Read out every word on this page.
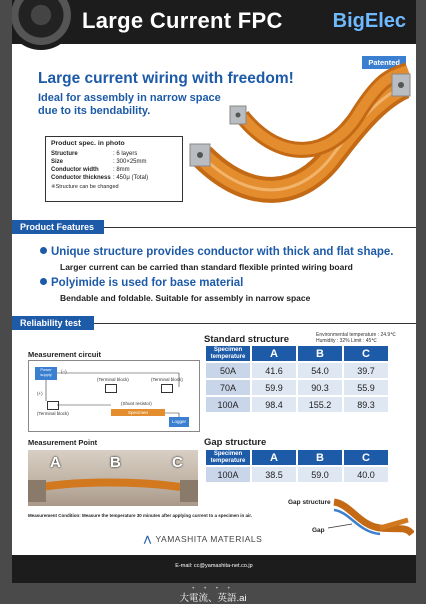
Large Current FPC BigElec
Patented
Large current wiring with freedom!
Ideal for assembly in narrow space
due to its bendability.
Product spec. in photo
Structure	: 6 layers
Size	: 300×25mm
Conductor width	: 8mm
Conductor thickness : 450μ (Total)
※Structure can be changed
Product Features
Unique structure provides conductor with thick and flat shape.
Larger current can be carried than standard flexible printed wiring board
Polyimide is used for base material
Bendable and foldable. Suitable for assembly in narrow space
Reliability test
Standard structure	Environmental temperature : 24.9℃
Humidity : 32% Limit : 45℃
Specimen
temperature	A	B	C
50A	41.6	54.0	39.7
70A	59.9	90.3	55.9
100A	98.4	155.2	89.3
Gap structure
Specimen
temperature	A	B	C
100A	38.5	59.0	40.0
Measurement circuit
Power supply	(−)
(+)
(Terminal block)	(Terminal block)
(Terminal block)
(Shunt resistor)
Specimen
Logger
Measurement Point
A	B	C
Measurement Condition: Measure the temperature 30 minutes after applying current to a specimen in air.
Gap structure
Gap
⋀ YAMASHITA MATERIALS
E-mail: cc@yamashita-net.co.jp
• • • •
大電流、英語.ai
